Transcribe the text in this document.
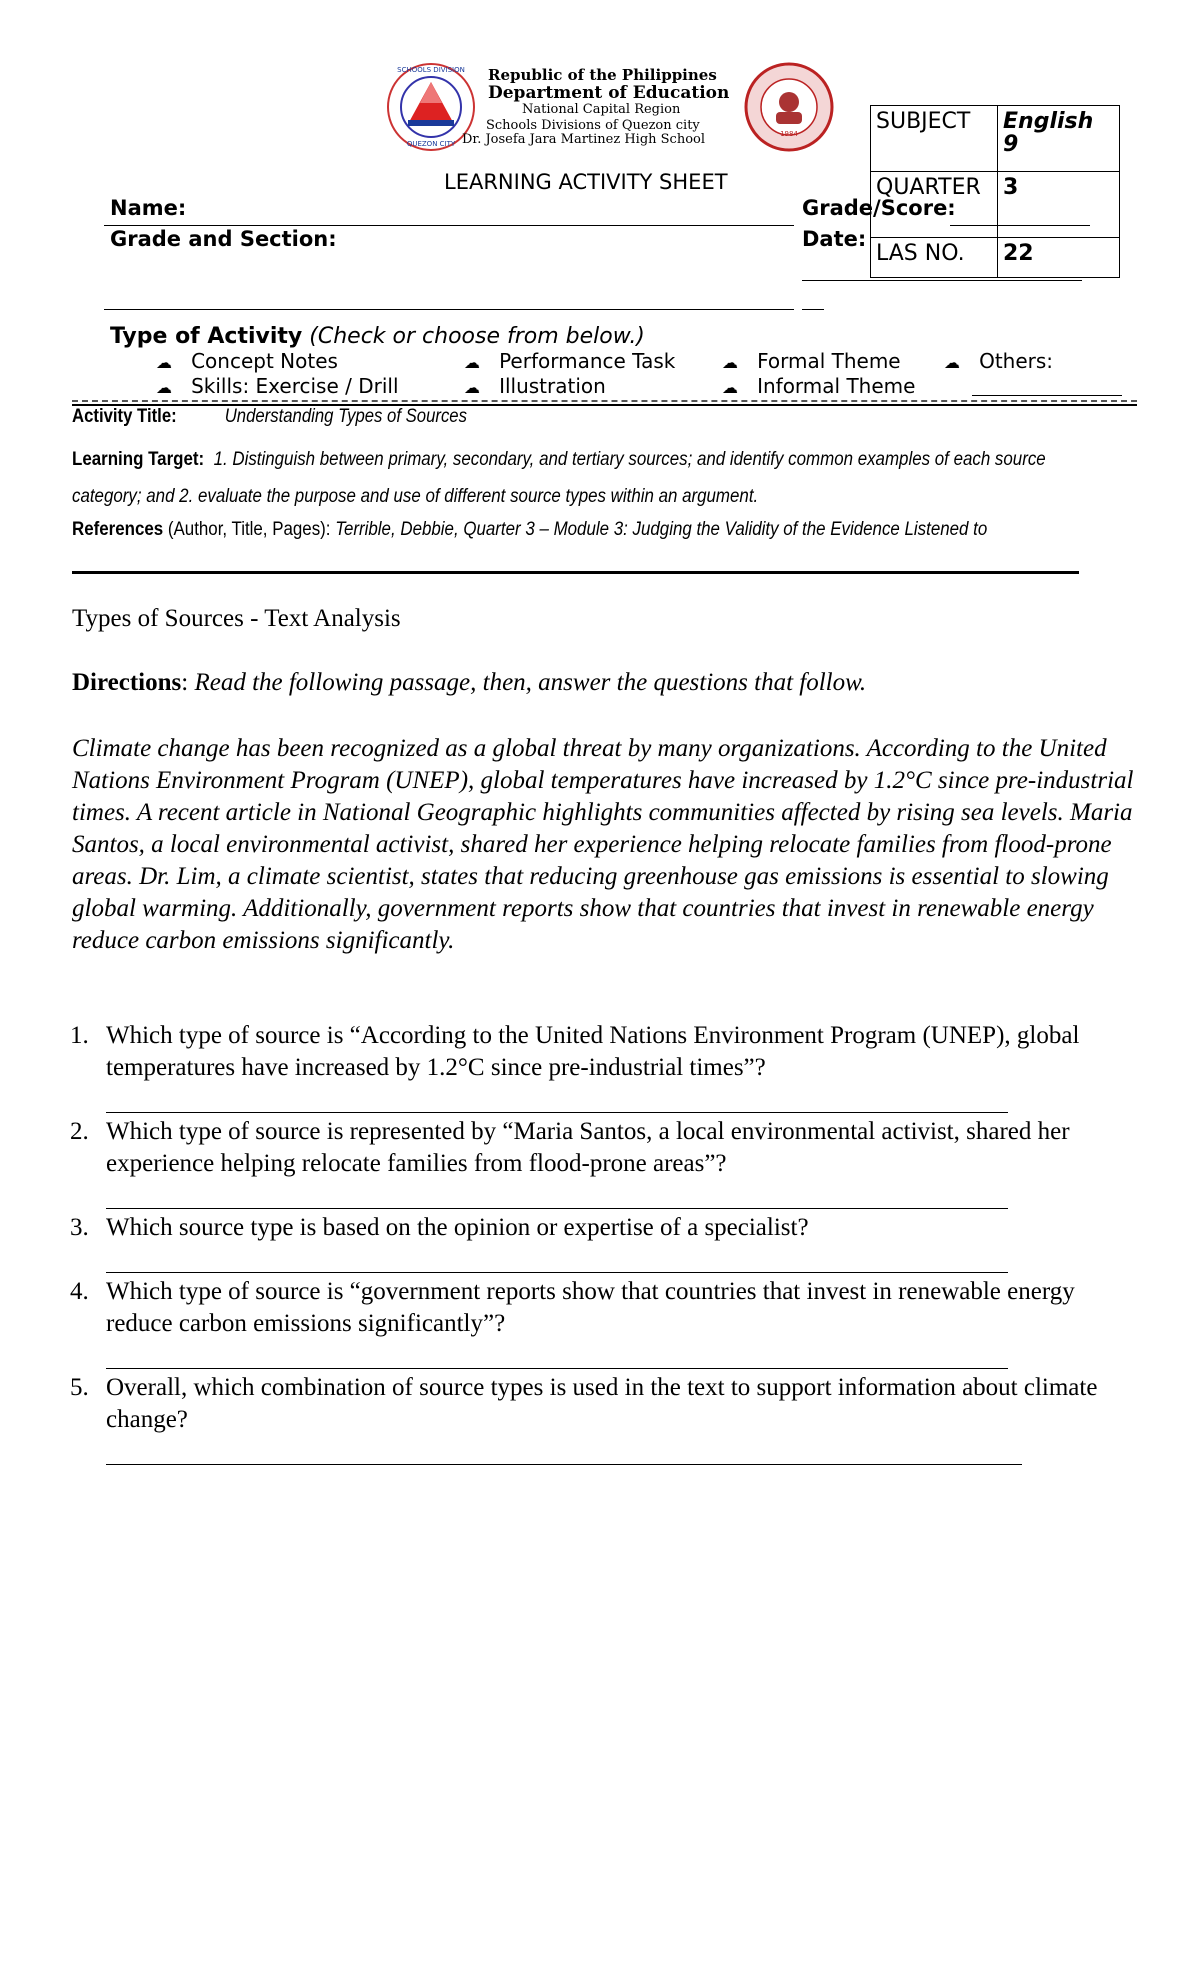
SCHOOLS DIVISION
QUEZON CITY
Republic of the Philippines
Department of Education
National Capital Region
Schools Divisions of Quezon city
Dr. Josefa Jara Martinez High School	1984	SUBJECT	English 9
QUARTER	3
LAS NO.	22
LEARNING ACTIVITY SHEET
Name:
Grade and Section:
Grade/Score:
Date:
Type of Activity (Check or choose from below.)
☁ Concept Notes	☁ Performance Task	☁ Formal Theme	☁ Others:
☁ Skills: Exercise / Drill	☁ Illustration	☁ Informal Theme
Activity Title:	Understanding Types of Sources
Learning Target: 1. Distinguish between primary, secondary, and tertiary sources; and identify common examples of each source category; and 2. evaluate the purpose and use of different source types within an argument.
References (Author, Title, Pages): Terrible, Debbie, Quarter 3 – Module 3: Judging the Validity of the Evidence Listened to
Types of Sources - Text Analysis
Directions: Read the following passage, then, answer the questions that follow.
Climate change has been recognized as a global threat by many organizations. According to the United Nations Environment Program (UNEP), global temperatures have increased by 1.2°C since pre-industrial times. A recent article in National Geographic highlights communities affected by rising sea levels. Maria Santos, a local environmental activist, shared her experience helping relocate families from flood-prone areas. Dr. Lim, a climate scientist, states that reducing greenhouse gas emissions is essential to slowing global warming. Additionally, government reports show that countries that invest in renewable energy reduce carbon emissions significantly.
1. Which type of source is “According to the United Nations Environment Program (UNEP), global temperatures have increased by 1.2°C since pre-industrial times”?
2. Which type of source is represented by “Maria Santos, a local environmental activist, shared her experience helping relocate families from flood-prone areas”?
3. Which source type is based on the opinion or expertise of a specialist?
4. Which type of source is “government reports show that countries that invest in renewable energy reduce carbon emissions significantly”?
5. Overall, which combination of source types is used in the text to support information about climate change?
